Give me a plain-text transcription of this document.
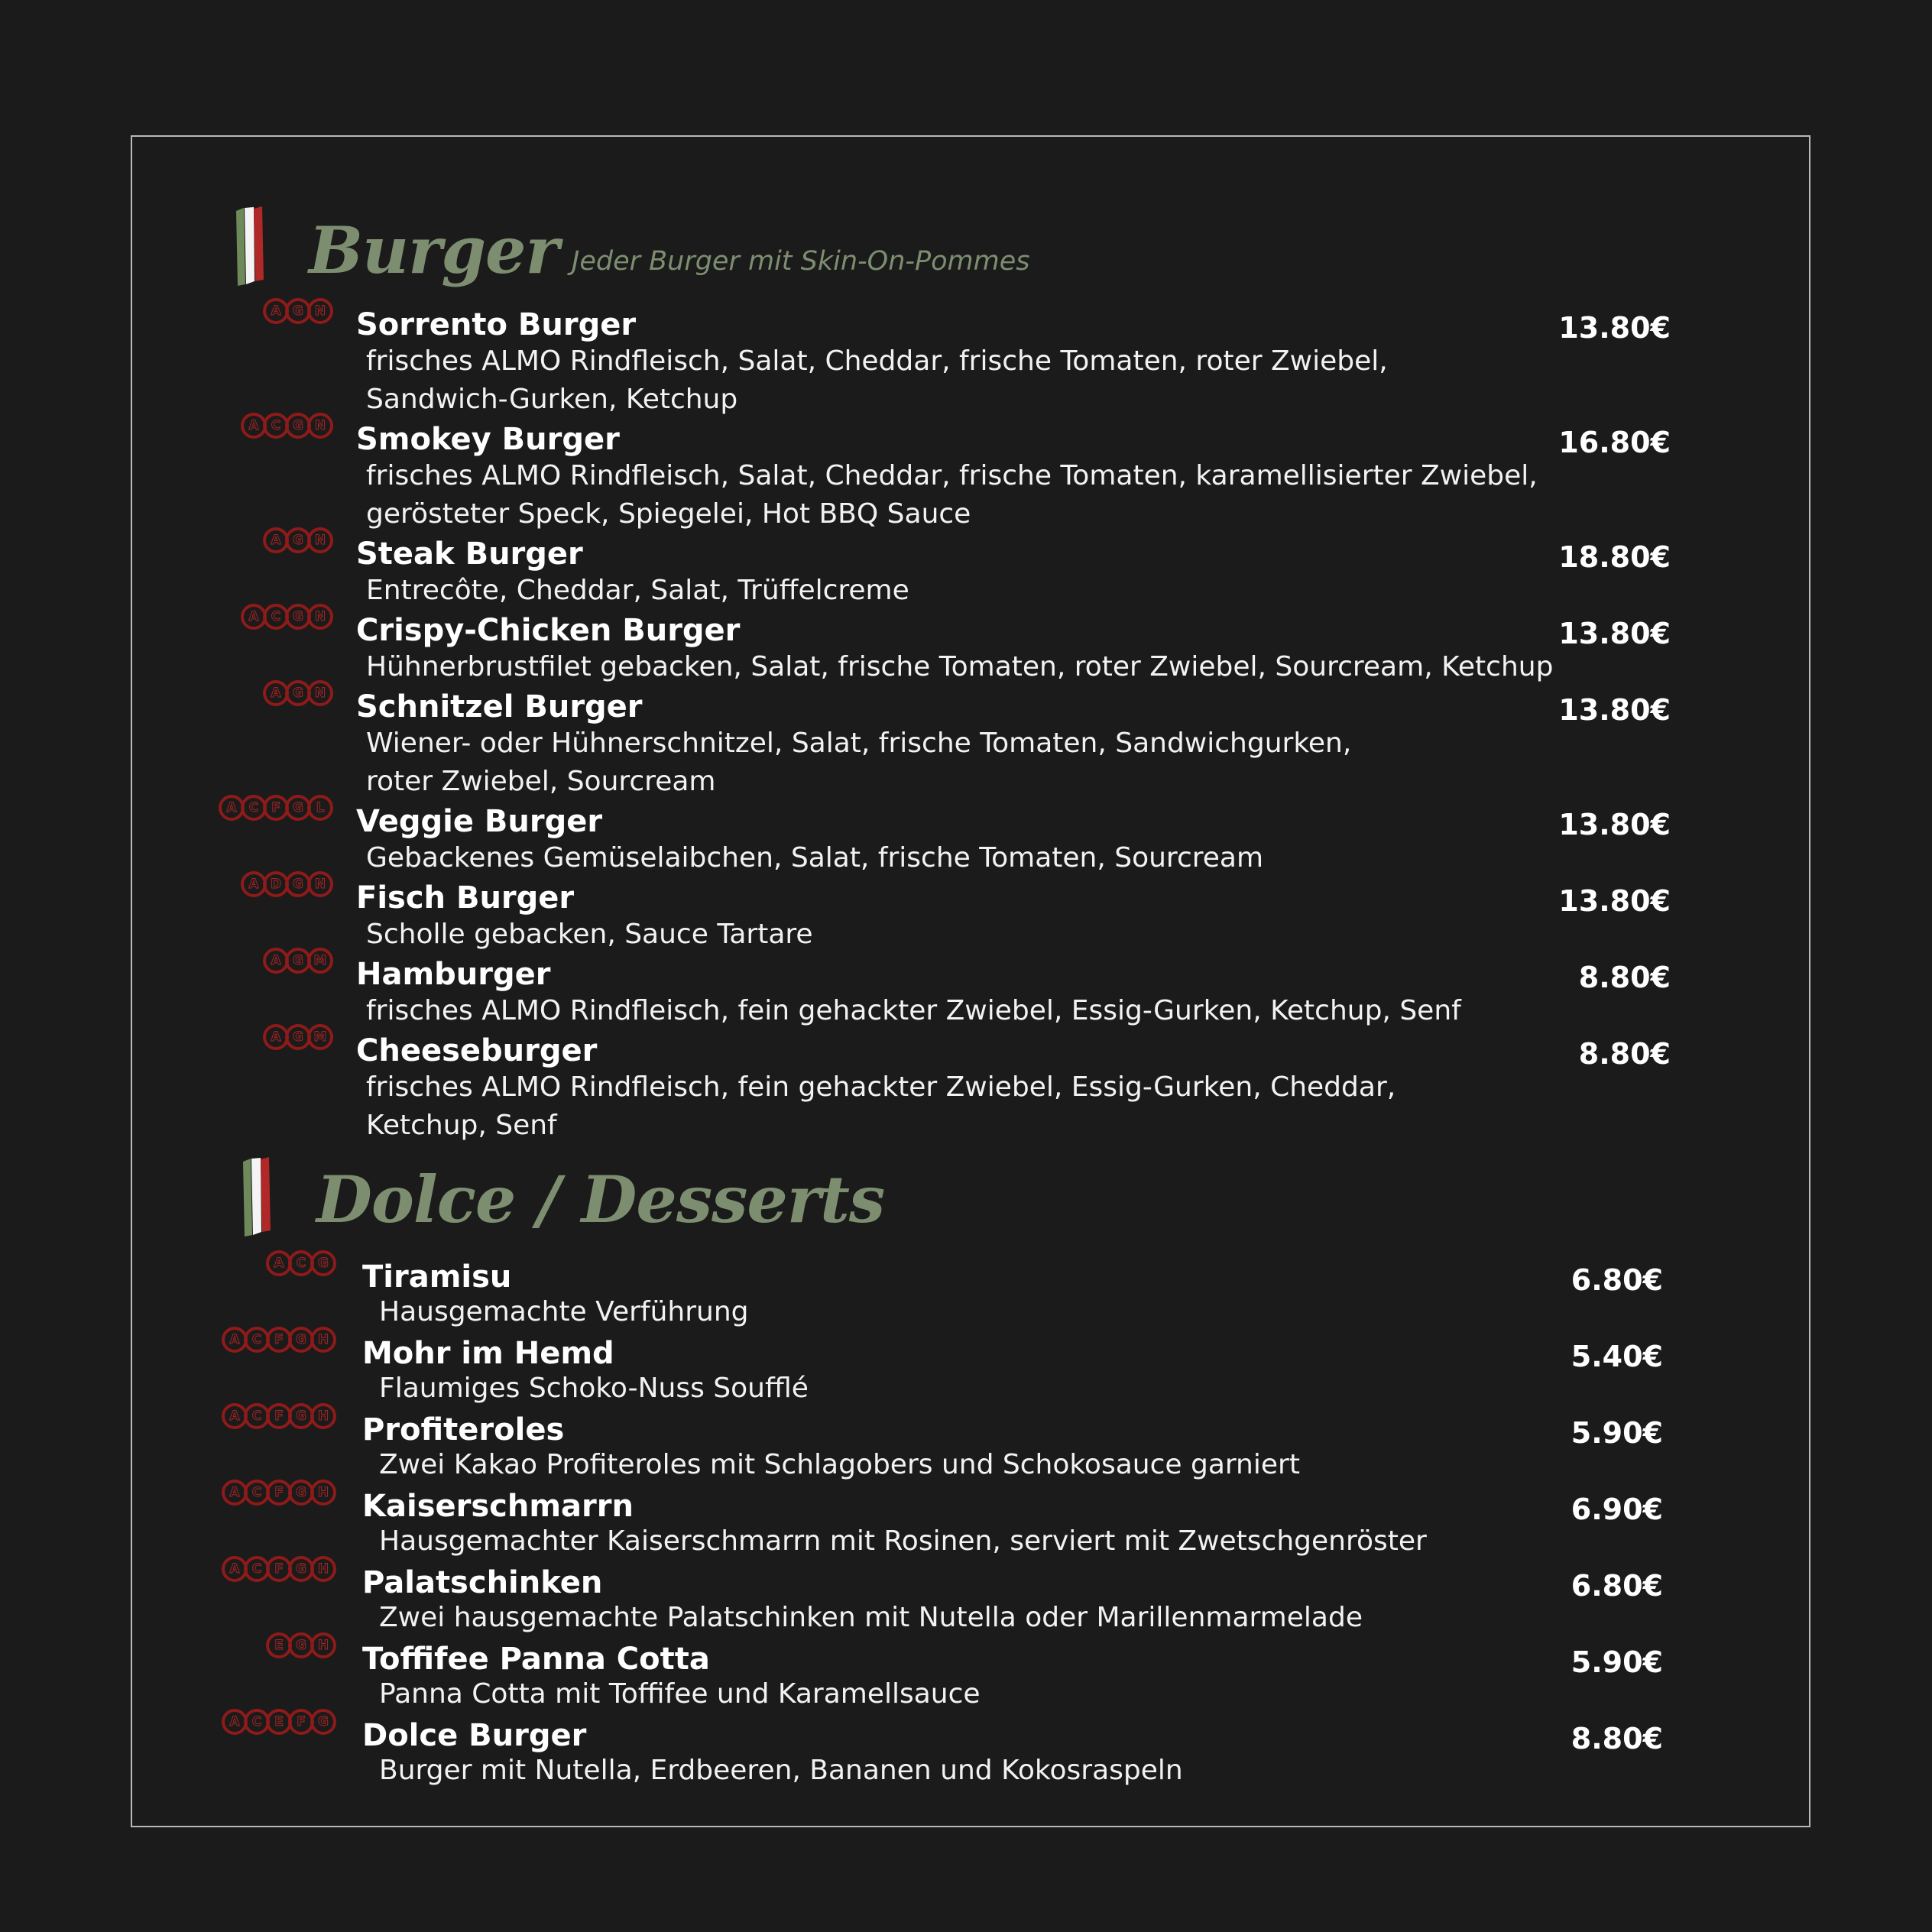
Burger Jeder Burger mit Skin-On-Pommes
A G N Sorrento Burger
frisches ALMO Rindfleisch, Salat, Cheddar, frische Tomaten, roter Zwiebel,
Sandwich-Gurken, Ketchup
13.80€
A C G N Smokey Burger
frisches ALMO Rindfleisch, Salat, Cheddar, frische Tomaten, karamellisierter Zwiebel,
gerösteter Speck, Spiegelei, Hot BBQ Sauce
16.80€
A G N Steak Burger
Entrecôte, Cheddar, Salat, Trüffelcreme
18.80€
A C G N Crispy-Chicken Burger
Hühnerbrustfilet gebacken, Salat, frische Tomaten, roter Zwiebel, Sourcream, Ketchup
13.80€
A G N Schnitzel Burger
Wiener- oder Hühnerschnitzel, Salat, frische Tomaten, Sandwichgurken,
roter Zwiebel, Sourcream
13.80€
A C F G L Veggie Burger
Gebackenes Gemüselaibchen, Salat, frische Tomaten, Sourcream
13.80€
A D G N Fisch Burger
Scholle gebacken, Sauce Tartare
13.80€
A G M Hamburger
frisches ALMO Rindfleisch, fein gehackter Zwiebel, Essig-Gurken, Ketchup, Senf
8.80€
A G M Cheeseburger
frisches ALMO Rindfleisch, fein gehackter Zwiebel, Essig-Gurken, Cheddar,
Ketchup, Senf
8.80€
Dolce / Desserts
A C G Tiramisu
Hausgemachte Verführung
6.80€
A C F G H Mohr im Hemd
Flaumiges Schoko-Nuss Soufflé
5.40€
A C F G H Profiteroles
Zwei Kakao Profiteroles mit Schlagobers und Schokosauce garniert
5.90€
A C F G H Kaiserschmarrn
Hausgemachter Kaiserschmarrn mit Rosinen, serviert mit Zwetschgenröster
6.90€
A C F G H Palatschinken
Zwei hausgemachte Palatschinken mit Nutella oder Marillenmarmelade
6.80€
E G H Toffifee Panna Cotta
Panna Cotta mit Toffifee und Karamellsauce
5.90€
A C E	F G Dolce Burger
Burger mit Nutella, Erdbeeren, Bananen und Kokosraspeln
8.80€
